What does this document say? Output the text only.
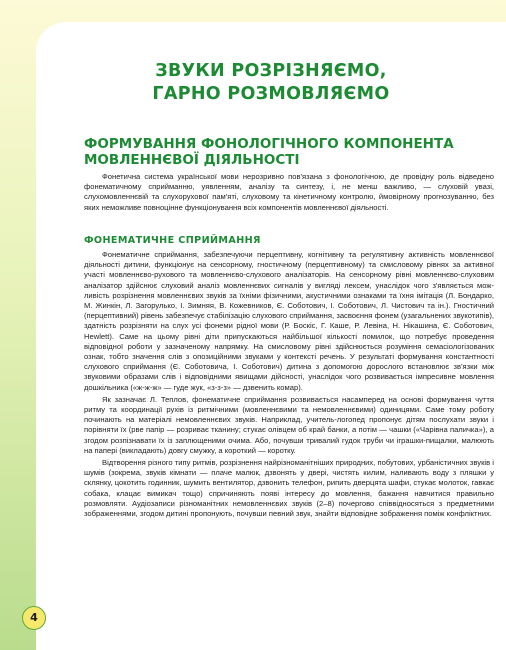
ЗВУКИ РОЗРІЗНЯЄМО,
ГАРНО РОЗМОВЛЯЄМО
ФОРМУВАННЯ ФОНОЛОГІЧНОГО КОМПОНЕНТА
МОВЛЕННЄВОЇ ДІЯЛЬНОСТІ

Фонетична система української мови нерозривно пов'язана з фонологічною, де провідну роль відведено фонематичному сприйманню, уявленням, аналізу та синтезу, і, не менш важливо, — слуховій увазі, слухомовленнєвій та слухорухової пам'яті, слуховому та кінетичному контролю, ймовірному прогнозуванню, без яких неможливе повноцінне функціонування всіх компонентів мовленнєвої діяльності.

ФОНЕМАТИЧНЕ СПРИЙМАННЯ

Фонематичне сприймання, забезпечуючи перцептивну, когнітивну та регулятивну активність мовленнєвої діяльності дитини, функціонує на сенсорному, гностичному (перцептивному) та смисловому рівнях за активної участі мовленнєво-рухового та мовленнєво-слухового аналізаторів. На сенсорному рівні мовленнєво-слуховим аналізатор здійснює слуховий аналіз мовленнєвих сигналів у вигляді лексем, унаслідок чого з'являється можливість розрізнення мовленнєвих звуків за їхніми фізичними, акустичними ознаками та їхня імітація (Л. Бондарко, М. Жинкін, Л. Загорулько, І. Зимняя, В. Кожевников, Є. Соботович, І. Соботович, Л. Чистович та ін.). Гностичний (перцептивний) рівень забезпечує стабілізацію слухового сприймання, засвоєння фонем (узагальнених звукотипів), здатність розрізняти на слух усі фонеми рідної мови (Р. Боскіс, Г. Каше, Р. Левіна, Н. Нікашина, Є. Соботович, Hewlett). Саме на цьому рівні діти припускаються найбільшої кількості помилок, що потребує проведення відповідної роботи у зазначеному напрямку. На смисловому рівні здійснюється розуміння семасіологізованих ознак, тобто значення слів з опозиційними звуками у контексті речень. У результаті формування константності слухового сприймання (Є. Соботовича, І. Соботович) дитина з допомогою дорослого встановлює зв'язки між звуковими образами слів і відповідними явищами дійсності, унаслідок чого розвивається імпресивне мовлення дошкільника («ж-ж-ж» — гуде жук, «з-з-з» — дзвенить комар).

Як зазначає Л. Теплов, фонематичне сприймання розвивається насамперед на основі формування чуття ритму та координації рухів із ритмічними (мовленнєвими та немовленнєвими) одиницями. Саме тому роботу починають на матеріалі немовленнєвих звуків. Наприклад, учитель-логопед пропонує дітям послухати звуки і порівняти їх (рве папір — розриває тканину; стукає олівцем об край банки, а потім — чашки («Чарівна паличка»), а згодом розпізнавати їх із заплющеними очима. Або, почувши тривалий гудок труби чи іграшки-пищалки, малюють на папері (викладають) довгу смужку, а короткий — коротку.

Відтворення різного типу ритмів, розрізнення найрізноманітніших природних, побутових, урбаністичних звуків і шумів (зокрема, звуків кімнати — плаче малюк, дзвонять у двері, чистять килим, наливають воду з пляшки у склянку, цокотить годинник, шумить вентилятор, дзвонить телефон, рипить дверцята шафи, стукає молоток, гавкає собака, клацає вимикач тощо) спричиняють появі інтересу до мовлення, бажання навчитися правильно розмовляти. Аудіозаписи різноманітних немовленнєвих звуків (2–8) почергово співвідносяться з предметними зображеннями, згодом дитині пропонують, почувши певний звук, знайти відповідне зображення поміж конфліктних.

4
